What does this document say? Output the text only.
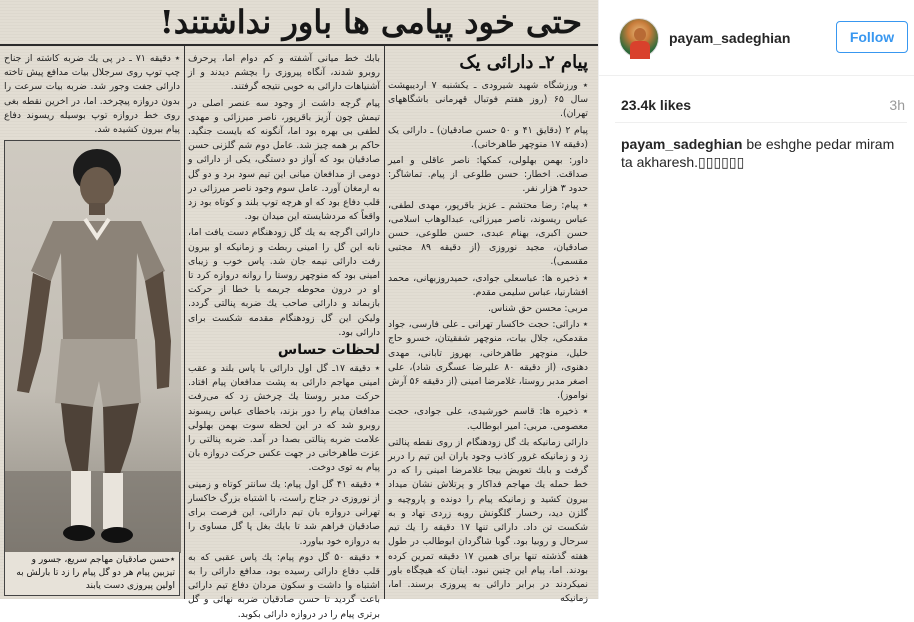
حتی خود پیامی ها باور نداشتند!
پیام ۲ـ دارائی یک

٭ ورزشگاه شهید شیرودی ـ یکشنبه ۷ اردیبهشت سال ۶۵ (روز هفتم فوتبال قهرمانی باشگاههای تهران).

پیام ۲ (دقایق ۴۱ و ۵۰ حسن صادقیان) ـ دارائی یک (دقیقه ۱۷ منوچهر طاهرخانی).

داور: بهمن بهلولی، کمکها: ناصر عاقلی و امیر صداقت. اخطار: حسن طلوعی از پیام. تماشاگر: حدود ۳ هزار نفر.

٭ پیام: رضا محتشم ـ عزیز باقرپور، مهدی لطفی، عباس ریسوند، ناصر میرزائی، عبدالوهاب اسلامی، حسن اکبری، بهنام عبدی، حسن طلوعی، حسن صادقیان، مجید نوروزی (از دقیقه ۸۹ مجتبی مقسمی).

٭ ذخیره ها: عباسعلی جوادی، حمیدروزبهانی، محمد افشارنیا، عباس سلیمی مقدم.

مربی: محسن حق شناس.

٭ دارائی: حجت خاکسار تهرانی ـ علی فارسی، جواد مقدمکی، جلال بیات، منوچهر شفقیتان، خسرو حاج خلیل، منوچهر طاهرخانی، بهروز تابانی، مهدی دهنوی، (از دقیقه ۸۰ علیرضا عسگری شاد)، علی اصغر مدبر روستا، غلامرضا امینی (از دقیقه ۵۶ آرش نواموز).

٭ ذخیره ها: قاسم خورشیدی، علی جوادی، حجت معصومی. مربی: امیر ابوطالب.

دارائی زمانیکه بك گل زودهنگام از روی نقطه پنالتی زد و زمانیکه غرور کاذب وجود یاران این تیم را دربر گرفت و بابك تعویض بیجا غلامرضا امینی را که در خط حمله یك مهاجم فداکار و پرتلاش نشان میداد بیرون کشید و زمانیکه پیام را دونده و پاروچیه و گلزن دید، رخسار گلگونش روبه زردی نهاد و به شکست تن داد. دارائی تنها ۱۷ دقیقه را یك تیم سرحال و روبیا بود. گوبا شاگردان ابوطالب در طول هفته گذشته تنها برای همین ۱۷ دقیقه تمرین کرده بودند. اما، پیام این چنین نبود. اینان که هیچگاه باور نمیکردند در برابر دارائی به پیروزی برسند. اما، زمانیکه

بابك خط میانی آشفته و کم دوام اما، پرحرف روبرو شدند، آنگاه پیروزی را بچشم دیدند و از آشنیاهات دارائی به خوبی نتیجه گرفتند.

پیام گرچه داشت از وجود سه عنصر اصلی در تیمش چون آزیز باقرپور، ناصر میرزائی و مهدی لطفی بی بهره بود اما، آنگونه که بایست جنگید. حاکم بر همه چیز شد. عامل دوم شم گلزنی حسن صادقیان بود که آواز دو دستگی، یکی از دارائی و دومی از مدافعان میانی این تیم سود برد و دو گل به ارمغان آورد. عامل سوم وجود ناصر میرزائی در قلب دفاع بود که او هرچه توپ بلند و کوتاه بود زد واقعاً که مردشایسته این میدان بود.

دارائی اگرچه به یك گل زودهنگام دست یافت اما، نابه این گل را امینی ربطت و زمانیکه او بیرون رفت دارائی نیمه جان شد. پاس خوب و زیبای امینی بود که منوچهر روستا را روانه دروازه کرد تا او در درون محوطه جریمه با خطا از حرکت بازبماند و دارائی صاحب یك ضربه پنالتی گردد. ولیکن این گل زودهنگام مقدمه شکست برای دارائی بود.

لحظات حساس

٭ دقیقه ۱۷ـ گل اول دارائی با پاس بلند و عقب امینی مهاجم دارائی به پشت مدافعان پیام افتاد. حرکت مدبر روستا یك چرخش زد که می‌رفت مدافعان پیام را دور بزند، باخطای عباس ریسوند روبرو شد که در این لحظه سوت بهمن بهلولی علامت ضربه پنالتی بصدا در آمد. ضربه پنالتی را عزت طاهرخانی در جهت عکس حرکت دروازه بان پیام به توی دوخت.

٭ دقیقه ۴۱ گل اول پیام: یك سانتر کوتاه و زمینی از نوروزی در جناح راست، با اشتباه بزرگ خاکسار تهرانی دروازه بان تیم دارائی، این فرصت برای صادقیان فراهم شد تا بایك بغل پا گل مساوی را به دروازه خود بیاورد.

٭ دقیقه ۵۰ گل دوم پیام: یك پاس عقبی که به قلب دفاع دارائی رسیده بود، مدافع دارائی را به اشتباه وا داشت و سکون مردان دفاع تیم دارائی باعث گردید تا حسن صادقیان ضربه نهائی و گل برتری پیام را در دروازه دارائی بکوبد.

٭ دقیقه ۷۱ ـ در پی یك ضربه کاشته از جناح چپ توپ روی سرجلال بیات مدافع پیش تاخته دارائی جفت وجور شد. ضربه بیات سرعت را بدون دروازه پیچرخد. اما، در اخرین نقطه بغی روی خط دروازه توپ بوسیله ریسوند دفاع پیام بیرون کشیده شد.

٭حسن صادقیان مهاجم سریع، جسور و تیزبین پیام هر دو گل پیام را زد تا بارلش به اولین پیروزی دست یابند
payam_sadeghian	Follow
23.4k likes	3h
payam_sadeghian be eshghe pedar miram ta akharesh.▯▯▯▯▯▯
